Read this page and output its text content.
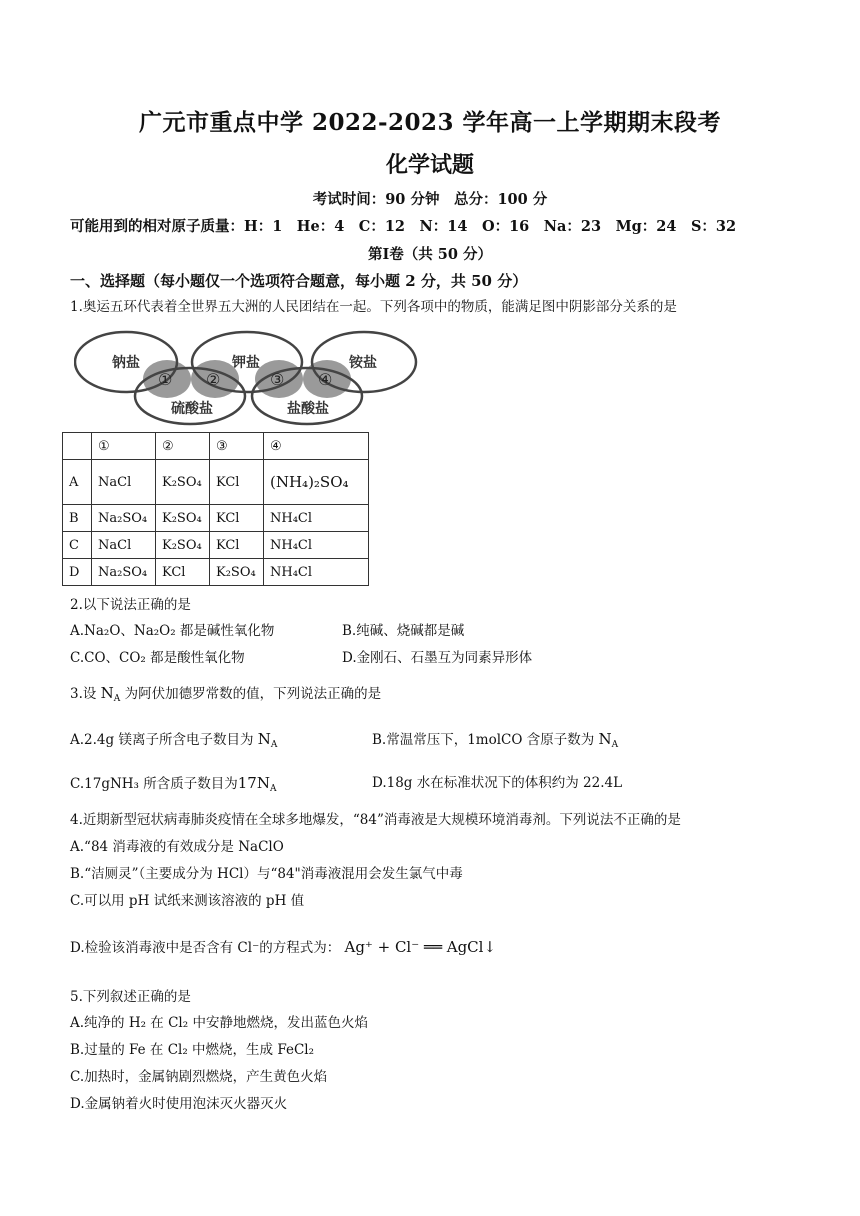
广元市重点中学 2022-2023 学年高一上学期期末段考
化学试题
考试时间：90 分钟　总分：100 分
可能用到的相对原子质量：H：1　He：4　C：12　N：14　O：16　Na：23　Mg：24　S：32
第Ⅰ卷（共 50 分）
一、选择题（每小题仅一个选项符合题意，每小题 2 分，共 50 分）
1.奥运五环代表着全世界五大洲的人民团结在一起。下列各项中的物质，能满足图中阴影部分关系的是
钠盐	钾盐	铵盐
硫酸盐	盐酸盐
① ②	③ ④
	①	②	③	④
A	NaCl	K₂SO₄	KCl	(NH₄)₂SO₄
B	Na₂SO₄	K₂SO₄	KCl	NH₄Cl
C	NaCl	K₂SO₄	KCl	NH₄Cl
D	Na₂SO₄	KCl	K₂SO₄	NH₄Cl
2.以下说法正确的是
A.Na₂O、Na₂O₂ 都是碱性氧化物	B.纯碱、烧碱都是碱
C.CO、CO₂ 都是酸性氧化物	D.金刚石、石墨互为同素异形体
3.设 $N_A$ 为阿伏加德罗常数的值，下列说法正确的是
A.2.4g 镁离子所含电子数目为 $N_A$	B.常温常压下，1molCO 含原子数为 $N_A$
C.17gNH₃ 所含质子数目为$17N_A$	D.18g 水在标准状况下的体积约为 22.4L
4.近期新型冠状病毒肺炎疫情在全球多地爆发，“84”消毒液是大规模环境消毒剂。下列说法不正确的是
A.“84 消毒液的有效成分是 NaClO
B.“洁厕灵”（主要成分为 HCl）与“84"消毒液混用会发生氯气中毒
C.可以用 pH 试纸来测该溶液的 pH 值
D.检验该消毒液中是否含有 Cl⁻的方程式为： Ag⁺ + Cl⁻ ══ AgCl↓
5.下列叙述正确的是
A.纯净的 H₂ 在 Cl₂ 中安静地燃烧，发出蓝色火焰
B.过量的 Fe 在 Cl₂ 中燃烧，生成 FeCl₂
C.加热时，金属钠剧烈燃烧，产生黄色火焰
D.金属钠着火时使用泡沫灭火器灭火
